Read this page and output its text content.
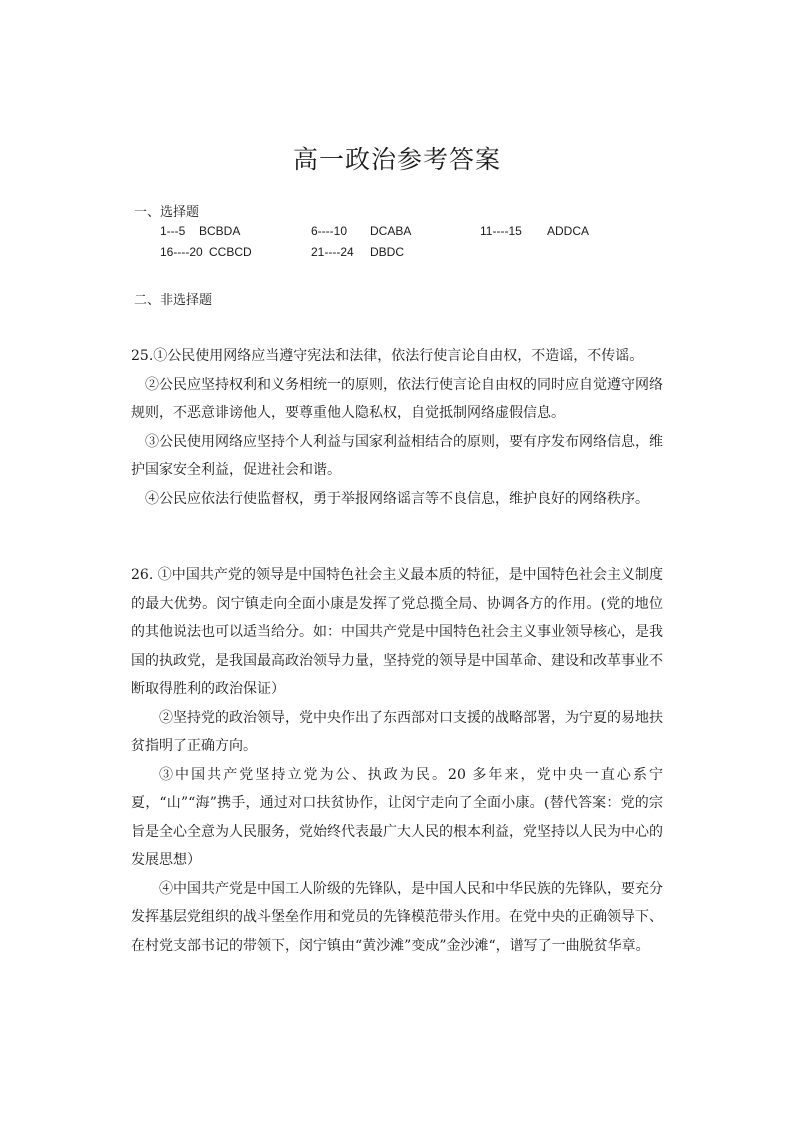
高一政治参考答案
一、选择题
1---5 BCBDA	6----10 DCABA	11----15 ADDCA
16----20 CCBCD	21----24 DBDC
二、非选择题

25.①公民使用网络应当遵守宪法和法律，依法行使言论自由权，不造谣，不传谣。

②公民应坚持权利和义务相统一的原则，依法行使言论自由权的同时应自觉遵守网络规则，不恶意诽谤他人，要尊重他人隐私权，自觉抵制网络虚假信息。

③公民使用网络应坚持个人利益与国家利益相结合的原则，要有序发布网络信息，维护国家安全利益，促进社会和谐。

④公民应依法行使监督权，勇于举报网络谣言等不良信息，维护良好的网络秩序。

26. ①中国共产党的领导是中国特色社会主义最本质的特征，是中国特色社会主义制度的最大优势。闵宁镇走向全面小康是发挥了党总揽全局、协调各方的作用。(党的地位的其他说法也可以适当给分。如：中国共产党是中国特色社会主义事业领导核心，是我国的执政党，是我国最高政治领导力量，坚持党的领导是中国革命、建设和改革事业不断取得胜利的政治保证）

②坚持党的政治领导，党中央作出了东西部对口支援的战略部署，为宁夏的易地扶贫指明了正确方向。

③中国共产党坚持立党为公、执政为民。20 多年来，党中央一直心系宁夏，“山”“海”携手，通过对口扶贫协作，让闵宁走向了全面小康。(替代答案：党的宗旨是全心全意为人民服务，党始终代表最广大人民的根本利益，党坚持以人民为中心的发展思想）

④中国共产党是中国工人阶级的先锋队，是中国人民和中华民族的先锋队，要充分发挥基层党组织的战斗堡垒作用和党员的先锋模范带头作用。在党中央的正确领导下、在村党支部书记的带领下，闵宁镇由“黄沙滩”变成”金沙滩“，谱写了一曲脱贫华章。
